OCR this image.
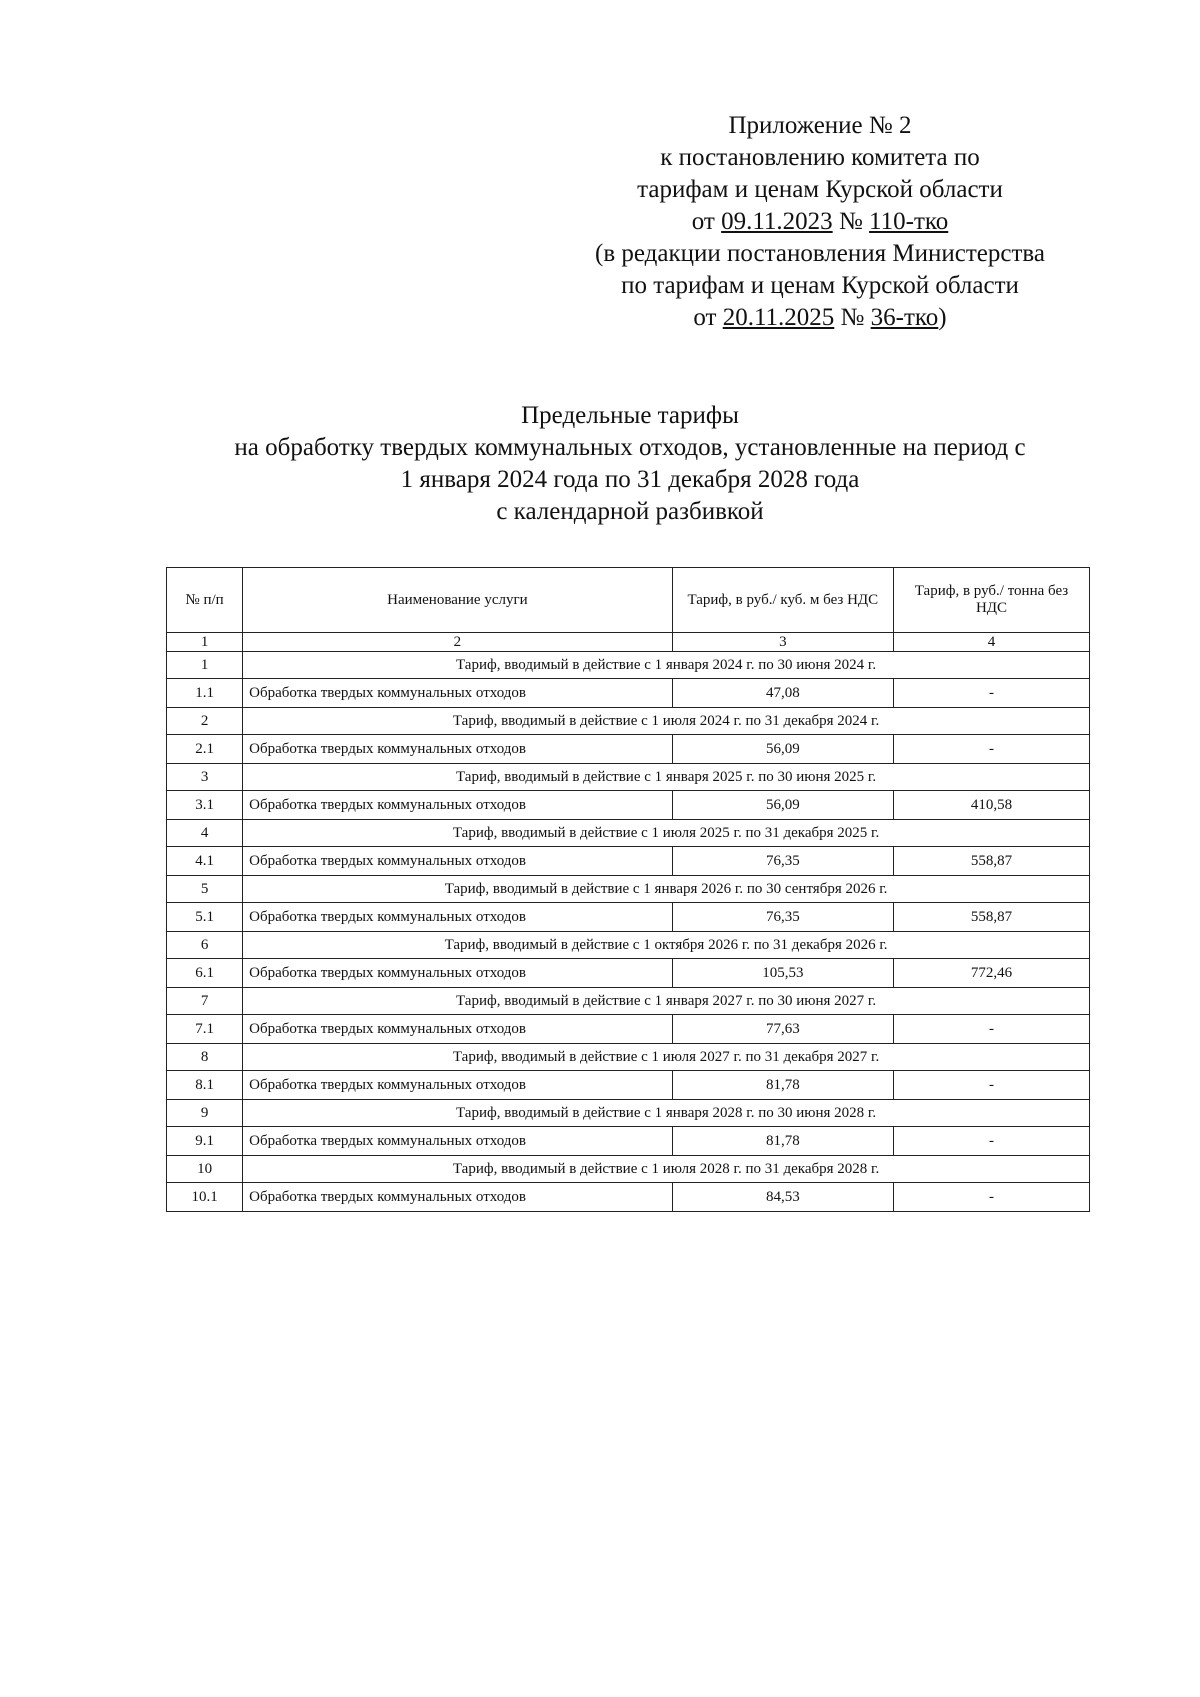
Приложение № 2
к постановлению комитета по
тарифам и ценам Курской области
от 09.11.2023 № 110-тко
(в редакции постановления Министерства
по тарифам и ценам Курской области
от 20.11.2025 № 36-тко)
Предельные тарифы
на обработку твердых коммунальных отходов, установленные на период с
1 января 2024 года по 31 декабря 2028 года
с календарной разбивкой
№ п/п	Наименование услуги	Тариф, в руб./ куб. м без НДС	Тариф, в руб./ тонна без НДС
1	2	3	4
1	Тариф, вводимый в действие с 1 января 2024 г. по 30 июня 2024 г.		
1.1	Обработка твердых коммунальных отходов	47,08	-
2	Тариф, вводимый в действие с 1 июля 2024 г. по 31 декабря 2024 г.		
2.1	Обработка твердых коммунальных отходов	56,09	-
3	Тариф, вводимый в действие с 1 января 2025 г. по 30 июня 2025 г.		
3.1	Обработка твердых коммунальных отходов	56,09	410,58
4	Тариф, вводимый в действие с 1 июля 2025 г. по 31 декабря 2025 г.		
4.1	Обработка твердых коммунальных отходов	76,35	558,87
5	Тариф, вводимый в действие с 1 января 2026 г. по 30 сентября 2026 г.		
5.1	Обработка твердых коммунальных отходов	76,35	558,87
6	Тариф, вводимый в действие с 1 октября 2026 г. по 31 декабря 2026 г.		
6.1	Обработка твердых коммунальных отходов	105,53	772,46
7	Тариф, вводимый в действие с 1 января 2027 г. по 30 июня 2027 г.		
7.1	Обработка твердых коммунальных отходов	77,63	-
8	Тариф, вводимый в действие с 1 июля 2027 г. по 31 декабря 2027 г.		
8.1	Обработка твердых коммунальных отходов	81,78	-
9	Тариф, вводимый в действие с 1 января 2028 г. по 30 июня 2028 г.		
9.1	Обработка твердых коммунальных отходов	81,78	-
10	Тариф, вводимый в действие с 1 июля 2028 г. по 31 декабря 2028 г.		
10.1	Обработка твердых коммунальных отходов	84,53	-
